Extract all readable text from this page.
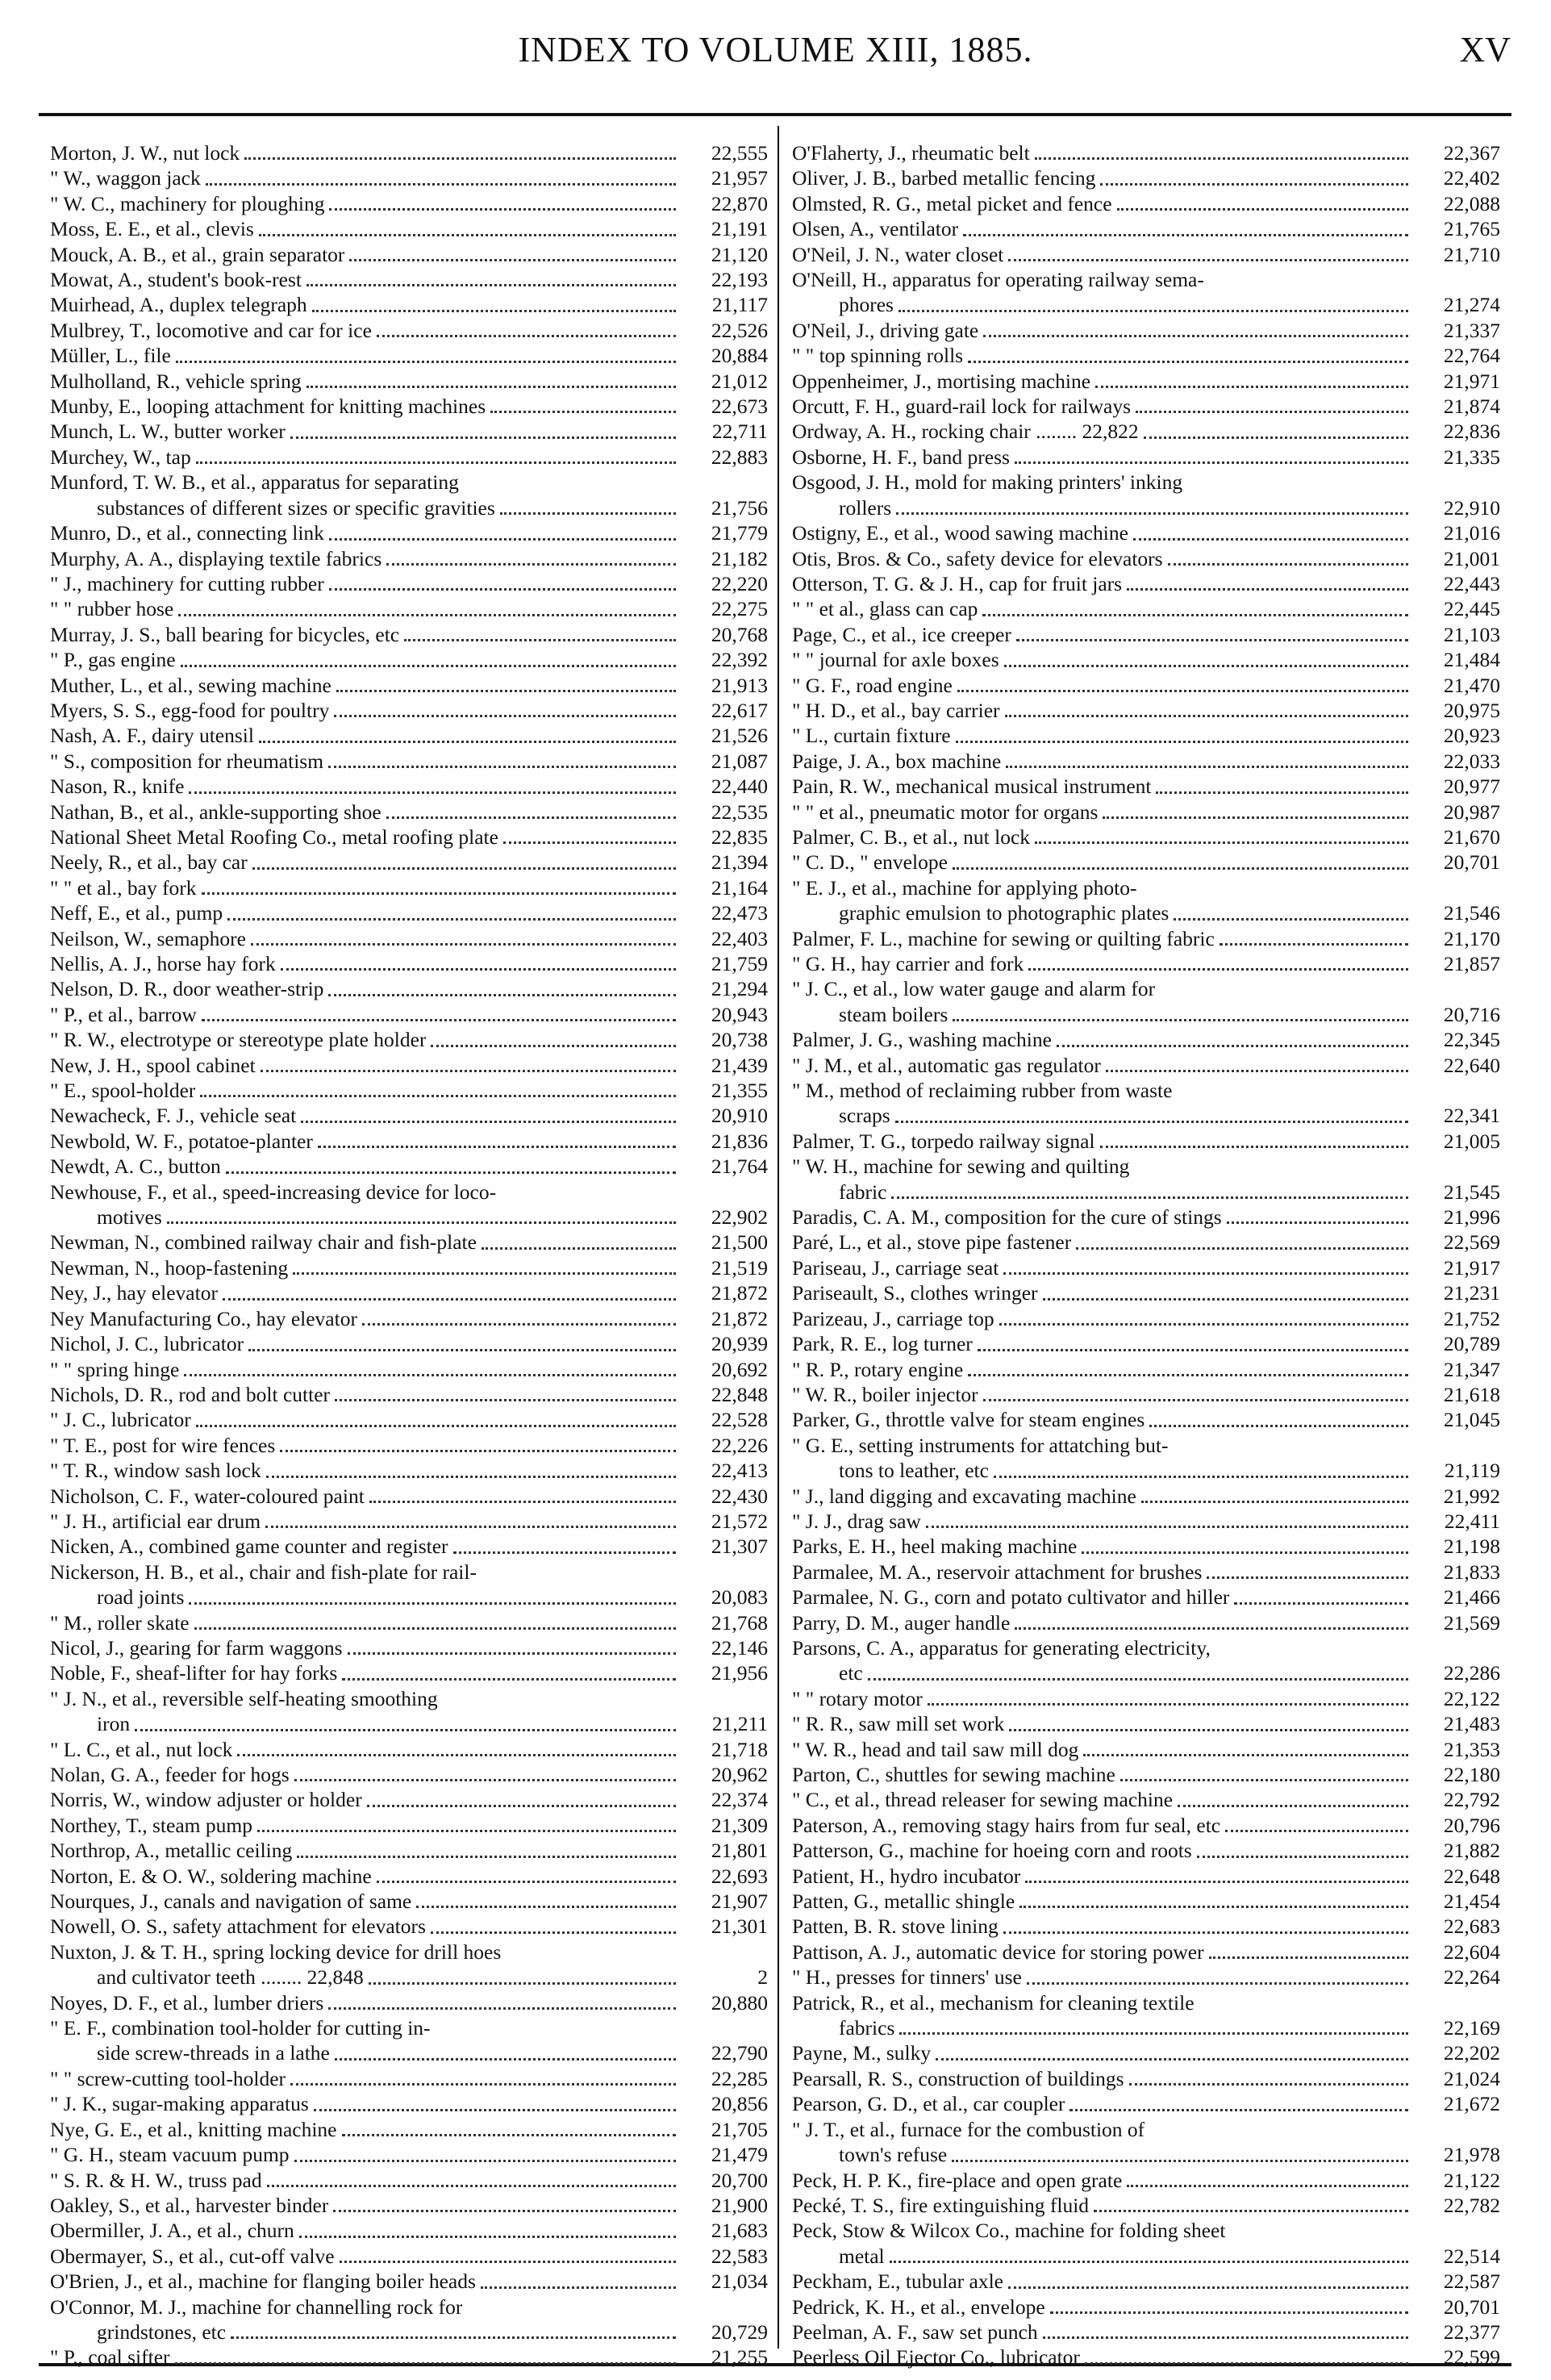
INDEX TO VOLUME XIII, 1885.	XV
Morton, J. W., nut lock	22,555
" W., waggon jack	21,957
" W. C., machinery for ploughing	22,870
Moss, E. E., et al., clevis	21,191
Mouck, A. B., et al., grain separator	21,120
Mowat, A., student's book-rest	22,193
Muirhead, A., duplex telegraph	21,117
Mulbrey, T., locomotive and car for ice	22,526
Müller, L., file	20,884
Mulholland, R., vehicle spring	21,012
Munby, E., looping attachment for knitting machines	22,673
Munch, L. W., butter worker	22,711
Murchey, W., tap	22,883
Munford, T. W. B., et al., apparatus for separating
substances of different sizes or specific gravities	21,756
Munro, D., et al., connecting link	21,779
Murphy, A. A., displaying textile fabrics	21,182
" J., machinery for cutting rubber	22,220
" " rubber hose	22,275
Murray, J. S., ball bearing for bicycles, etc	20,768
" P., gas engine	22,392
Muther, L., et al., sewing machine	21,913
Myers, S. S., egg-food for poultry	22,617
Nash, A. F., dairy utensil	21,526
" S., composition for rheumatism	21,087
Nason, R., knife	22,440
Nathan, B., et al., ankle-supporting shoe	22,535
National Sheet Metal Roofing Co., metal roofing plate	22,835
Neely, R., et al., bay car	21,394
" " et al., bay fork	21,164
Neff, E., et al., pump	22,473
Neilson, W., semaphore	22,403
Nellis, A. J., horse hay fork	21,759
Nelson, D. R., door weather-strip	21,294
" P., et al., barrow	20,943
" R. W., electrotype or stereotype plate holder	20,738
New, J. H., spool cabinet	21,439
" E., spool-holder	21,355
Newacheck, F. J., vehicle seat	20,910
Newbold, W. F., potatoe-planter	21,836
Newdt, A. C., button	21,764
Newhouse, F., et al., speed-increasing device for loco-
motives	22,902
Newman, N., combined railway chair and fish-plate	21,500
Newman, N., hoop-fastening	21,519
Ney, J., hay elevator	21,872
Ney Manufacturing Co., hay elevator	21,872
Nichol, J. C., lubricator	20,939
" " spring hinge	20,692
Nichols, D. R., rod and bolt cutter	22,848
" J. C., lubricator	22,528
" T. E., post for wire fences	22,226
" T. R., window sash lock	22,413
Nicholson, C. F., water-coloured paint	22,430
" J. H., artificial ear drum	21,572
Nicken, A., combined game counter and register	21,307
Nickerson, H. B., et al., chair and fish-plate for rail-
road joints	20,083
" M., roller skate	21,768
Nicol, J., gearing for farm waggons	22,146
Noble, F., sheaf-lifter for hay forks	21,956
" J. N., et al., reversible self-heating smoothing
iron	21,211
" L. C., et al., nut lock	21,718
Nolan, G. A., feeder for hogs	20,962
Norris, W., window adjuster or holder	22,374
Northey, T., steam pump	21,309
Northrop, A., metallic ceiling	21,801
Norton, E. & O. W., soldering machine	22,693
Nourques, J., canals and navigation of same	21,907
Nowell, O. S., safety attachment for elevators	21,301
Nuxton, J. & T. H., spring locking device for drill hoes
and cultivator teeth ........ 22,848	2
Noyes, D. F., et al., lumber driers	20,880
" E. F., combination tool-holder for cutting in-
side screw-threads in a lathe	22,790
" " screw-cutting tool-holder	22,285
" J. K., sugar-making apparatus	20,856
Nye, G. E., et al., knitting machine	21,705
" G. H., steam vacuum pump	21,479
" S. R. & H. W., truss pad	20,700
Oakley, S., et al., harvester binder	21,900
Obermiller, J. A., et al., churn	21,683
Obermayer, S., et al., cut-off valve	22,583
O'Brien, J., et al., machine for flanging boiler heads	21,034
O'Connor, M. J., machine for channelling rock for
grindstones, etc	20,729
" P., coal sifter	21,255
O'Flaherty, J., rheumatic belt	22,367
Oliver, J. B., barbed metallic fencing	22,402
Olmsted, R. G., metal picket and fence	22,088
Olsen, A., ventilator	21,765
O'Neil, J. N., water closet	21,710
O'Neill, H., apparatus for operating railway sema-
phores	21,274
O'Neil, J., driving gate	21,337
" " top spinning rolls	22,764
Oppenheimer, J., mortising machine	21,971
Orcutt, F. H., guard-rail lock for railways	21,874
Ordway, A. H., rocking chair ........ 22,822	22,836
Osborne, H. F., band press	21,335
Osgood, J. H., mold for making printers' inking
rollers	22,910
Ostigny, E., et al., wood sawing machine	21,016
Otis, Bros. & Co., safety device for elevators	21,001
Otterson, T. G. & J. H., cap for fruit jars	22,443
" " et al., glass can cap	22,445
Page, C., et al., ice creeper	21,103
" " journal for axle boxes	21,484
" G. F., road engine	21,470
" H. D., et al., bay carrier	20,975
" L., curtain fixture	20,923
Paige, J. A., box machine	22,033
Pain, R. W., mechanical musical instrument	20,977
" " et al., pneumatic motor for organs	20,987
Palmer, C. B., et al., nut lock	21,670
" C. D., " envelope	20,701
" E. J., et al., machine for applying photo-
graphic emulsion to photographic plates	21,546
Palmer, F. L., machine for sewing or quilting fabric	21,170
" G. H., hay carrier and fork	21,857
" J. C., et al., low water gauge and alarm for
steam boilers	20,716
Palmer, J. G., washing machine	22,345
" J. M., et al., automatic gas regulator	22,640
" M., method of reclaiming rubber from waste
scraps	22,341
Palmer, T. G., torpedo railway signal	21,005
" W. H., machine for sewing and quilting
fabric	21,545
Paradis, C. A. M., composition for the cure of stings	21,996
Paré, L., et al., stove pipe fastener	22,569
Pariseau, J., carriage seat	21,917
Pariseault, S., clothes wringer	21,231
Parizeau, J., carriage top	21,752
Park, R. E., log turner	20,789
" R. P., rotary engine	21,347
" W. R., boiler injector	21,618
Parker, G., throttle valve for steam engines	21,045
" G. E., setting instruments for attatching but-
tons to leather, etc	21,119
" J., land digging and excavating machine	21,992
" J. J., drag saw	22,411
Parks, E. H., heel making machine	21,198
Parmalee, M. A., reservoir attachment for brushes	21,833
Parmalee, N. G., corn and potato cultivator and hiller	21,466
Parry, D. M., auger handle	21,569
Parsons, C. A., apparatus for generating electricity,
etc	22,286
" " rotary motor	22,122
" R. R., saw mill set work	21,483
" W. R., head and tail saw mill dog	21,353
Parton, C., shuttles for sewing machine	22,180
" C., et al., thread releaser for sewing machine	22,792
Paterson, A., removing stagy hairs from fur seal, etc	20,796
Patterson, G., machine for hoeing corn and roots	21,882
Patient, H., hydro incubator	22,648
Patten, G., metallic shingle	21,454
Patten, B. R. stove lining	22,683
Pattison, A. J., automatic device for storing power	22,604
" H., presses for tinners' use	22,264
Patrick, R., et al., mechanism for cleaning textile
fabrics	22,169
Payne, M., sulky	22,202
Pearsall, R. S., construction of buildings	21,024
Pearson, G. D., et al., car coupler	21,672
" J. T., et al., furnace for the combustion of
town's refuse	21,978
Peck, H. P. K., fire-place and open grate	21,122
Pecké, T. S., fire extinguishing fluid	22,782
Peck, Stow & Wilcox Co., machine for folding sheet
metal	22,514
Peckham, E., tubular axle	22,587
Pedrick, K. H., et al., envelope	20,701
Peelman, A. F., saw set punch	22,377
Peerless Oil Ejector Co., lubricator	22,599
